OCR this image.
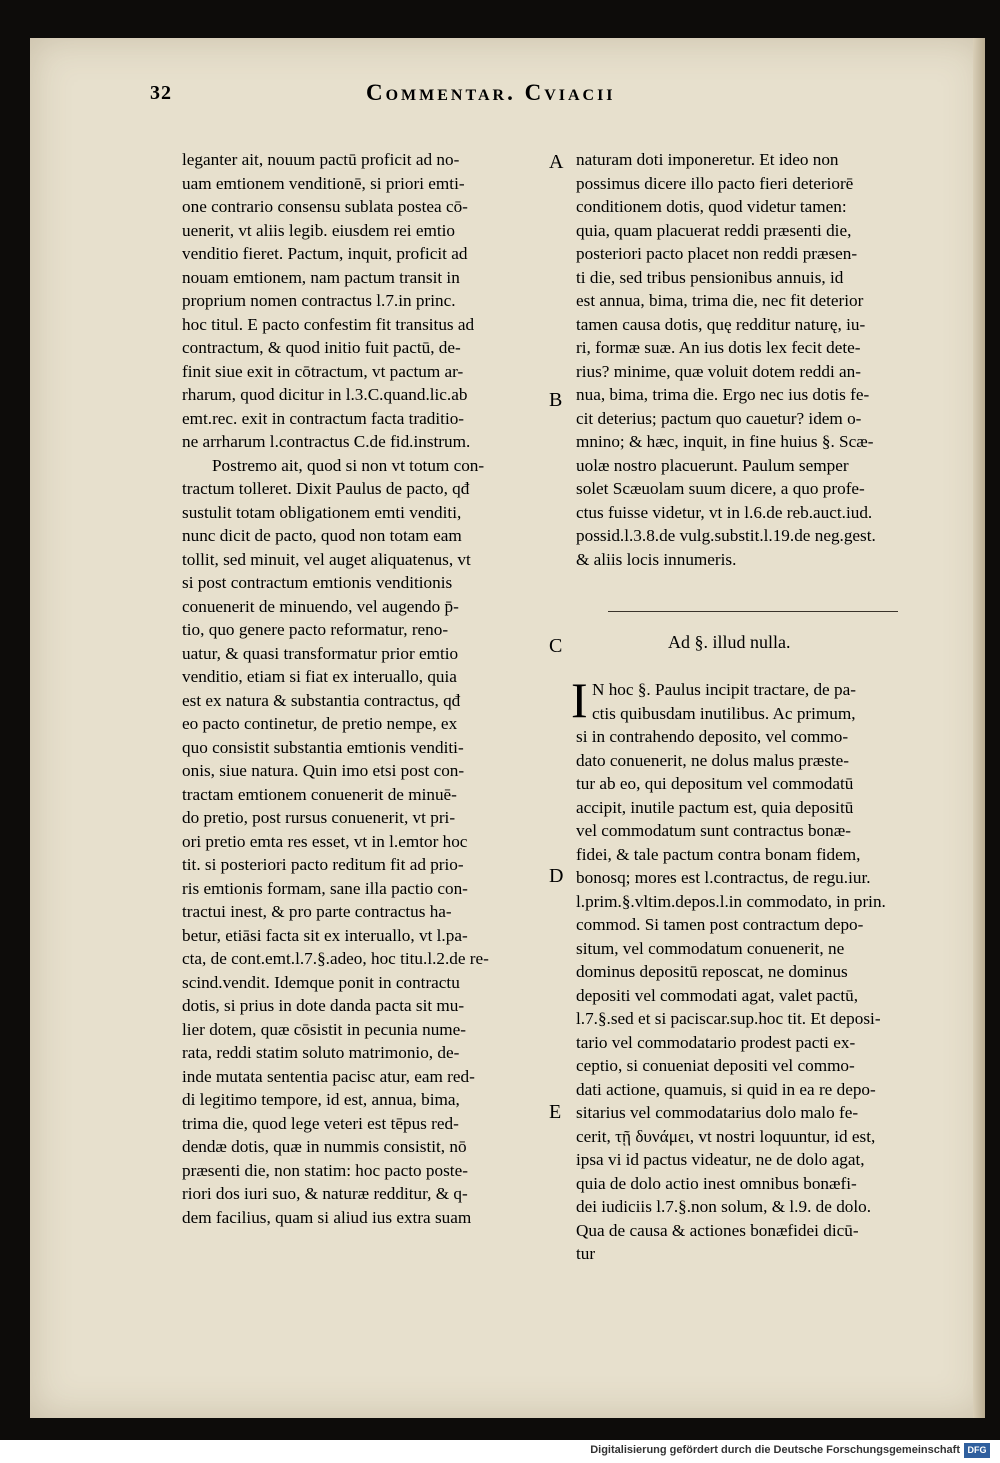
32	Commentar. Cviacii
leganter ait, nouum pactū proficit ad no-
uam emtionem venditionē, si priori emti-
one contrario consensu sublata postea cō-
uenerit, vt aliis legib. eiusdem rei emtio
venditio fieret. Pactum, inquit, proficit ad
nouam emtionem, nam pactum transit in
proprium nomen contractus l.7.in princ.
hoc titul. E pacto confestim fit transitus ad
contractum, & quod initio fuit pactū, de-
finit siue exit in cōtractum, vt pactum ar-
rharum, quod dicitur in l.3.C.quand.lic.ab
emt.rec. exit in contractum facta traditio-
ne arrharum l.contractus C.de fid.instrum.
Postremo ait, quod si non vt totum con-
tractum tolleret. Dixit Paulus de pacto, qđ
sustulit totam obligationem emti venditi,
nunc dicit de pacto, quod non totam eam
tollit, sed minuit, vel auget aliquatenus, vt
si post contractum emtionis venditionis
conuenerit de minuendo, vel augendo p̄-
tio, quo genere pacto reformatur, reno-
uatur, & quasi transformatur prior emtio
venditio, etiam si fiat ex interuallo, quia
est ex natura & substantia contractus, qđ
eo pacto continetur, de pretio nempe, ex
quo consistit substantia emtionis venditi-
onis, siue natura. Quin imo etsi post con-
tractam emtionem conuenerit de minuē-
do pretio, post rursus conuenerit, vt pri-
ori pretio emta res esset, vt in l.emtor hoc
tit. si posteriori pacto reditum fit ad prio-
ris emtionis formam, sane illa pactio con-
tractui inest, & pro parte contractus ha-
betur, etiāsi facta sit ex interuallo, vt l.pa-
cta, de cont.emt.l.7.§.adeo, hoc titu.l.2.de re-
scind.vendit. Idemque ponit in contractu
dotis, si prius in dote danda pacta sit mu-
lier dotem, quæ cōsistit in pecunia nume-
rata, reddi statim soluto matrimonio, de-
inde mutata sententia pacisc atur, eam red-
di legitimo tempore, id est, annua, bima,
trima die, quod lege veteri est tēpus red-
dendæ dotis, quæ in nummis consistit, nō
præsenti die, non statim: hoc pacto poste-
riori dos iuri suo, & naturæ redditur, & q-
dem facilius, quam si aliud ius extra suam
naturam doti imponeretur. Et ideo non
possimus dicere illo pacto fieri deteriorē
conditionem dotis, quod videtur tamen:
quia, quam placuerat reddi præsenti die,
posteriori pacto placet non reddi præsen-
ti die, sed tribus pensionibus annuis, id
est annua, bima, trima die, nec fit deterior
tamen causa dotis, quę redditur naturę, iu-
ri, formæ suæ. An ius dotis lex fecit dete-
rius? minime, quæ voluit dotem reddi an-
nua, bima, trima die. Ergo nec ius dotis fe-
cit deterius; pactum quo cauetur? idem o-
mnino; & hæc, inquit, in fine huius §. Scæ-
uolæ nostro placuerunt. Paulum semper
solet Scæuolam suum dicere, a quo profe-
ctus fuisse videtur, vt in l.6.de reb.auct.iud.
possid.l.3.8.de vulg.substit.l.19.de neg.gest.
& aliis locis innumeris.
A
B
C
D
E
Ad §. illud nulla.
I N hoc §. Paulus incipit tractare, de pa-
ctis quibusdam inutilibus. Ac primum,
si in contrahendo deposito, vel commo-
dato conuenerit, ne dolus malus præste-
tur ab eo, qui depositum vel commodatū
accipit, inutile pactum est, quia depositū
vel commodatum sunt contractus bonæ-
fidei, & tale pactum contra bonam fidem,
bonosq; mores est l.contractus, de regu.iur.
l.prim.§.vltim.depos.l.in commodato, in prin.
commod. Si tamen post contractum depo-
situm, vel commodatum conuenerit, ne
dominus depositū reposcat, ne dominus
depositi vel commodati agat, valet pactū,
l.7.§.sed et si paciscar.sup.hoc tit. Et deposi-
tario vel commodatario prodest pacti ex-
ceptio, si conueniat depositi vel commo-
dati actione, quamuis, si quid in ea re depo-
sitarius vel commodatarius dolo malo fe-
cerit, τῇ δυνάμει, vt nostri loquuntur, id est,
ipsa vi id pactus videatur, ne de dolo agat,
quia de dolo actio inest omnibus bonæfi-
dei iudiciis l.7.§.non solum, & l.9. de dolo.
Qua de causa & actiones bonæfidei dicū-
tur
Digitalisierung gefördert durch die Deutsche Forschungsgemeinschaft DFG
